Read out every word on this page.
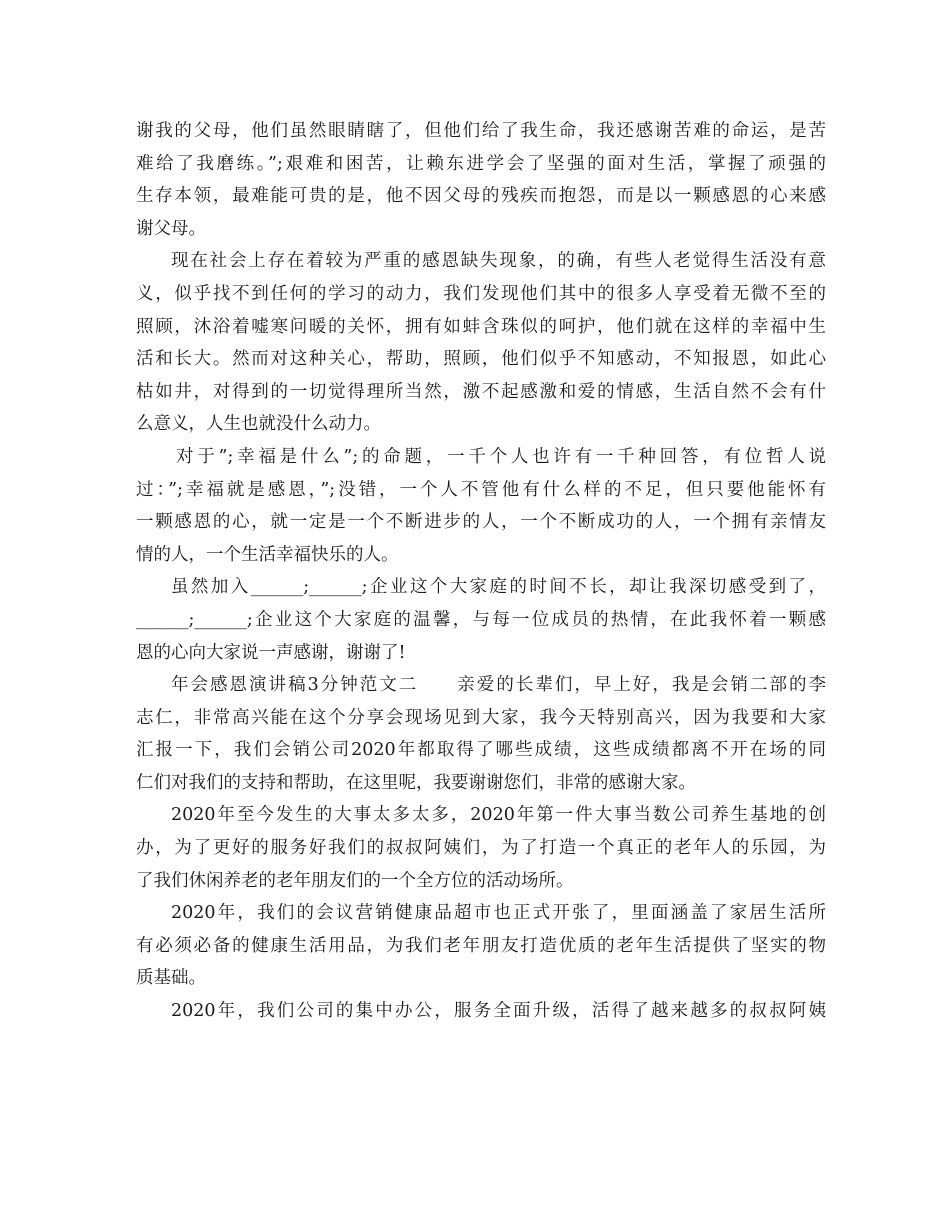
谢我的父母，他们虽然眼睛瞎了，但他们给了我生命，我还感谢苦难的命运，是苦
难给了我磨练。”;艰难和困苦，让赖东进学会了坚强的面对生活，掌握了顽强的
生存本领，最难能可贵的是，他不因父母的残疾而抱怨，而是以一颗感恩的心来感
谢父母。
现在社会上存在着较为严重的感恩缺失现象，的确，有些人老觉得生活没有意
义，似乎找不到任何的学习的动力，我们发现他们其中的很多人享受着无微不至的
照顾，沐浴着嘘寒问暖的关怀，拥有如蚌含珠似的呵护，他们就在这样的幸福中生
活和长大。然而对这种关心，帮助，照顾，他们似乎不知感动，不知报恩，如此心
枯如井，对得到的一切觉得理所当然，激不起感激和爱的情感，生活自然不会有什
么意义，人生也就没什么动力。
对于”;幸福是什么”;的命题，一千个人也许有一千种回答，有位哲人说
过：”;幸福就是感恩，”;没错，一个人不管他有什么样的不足，但只要他能怀有
一颗感恩的心，就一定是一个不断进步的人，一个不断成功的人，一个拥有亲情友
情的人，一个生活幸福快乐的人。
虽然加入______;______;企业这个大家庭的时间不长，却让我深切感受到了，
______;______;企业这个大家庭的温馨，与每一位成员的热情，在此我怀着一颗感
恩的心向大家说一声感谢，谢谢了!
年会感恩演讲稿3分钟范文二　　亲爱的长辈们，早上好，我是会销二部的李
志仁，非常高兴能在这个分享会现场见到大家，我今天特别高兴，因为我要和大家
汇报一下，我们会销公司2020年都取得了哪些成绩，这些成绩都离不开在场的同
仁们对我们的支持和帮助，在这里呢，我要谢谢您们，非常的感谢大家。
2020年至今发生的大事太多太多，2020年第一件大事当数公司养生基地的创
办，为了更好的服务好我们的叔叔阿姨们，为了打造一个真正的老年人的乐园，为
了我们休闲养老的老年朋友们的一个全方位的活动场所。
2020年，我们的会议营销健康品超市也正式开张了，里面涵盖了家居生活所
有必须必备的健康生活用品，为我们老年朋友打造优质的老年生活提供了坚实的物
质基础。
2020年，我们公司的集中办公，服务全面升级，活得了越来越多的叔叔阿姨
